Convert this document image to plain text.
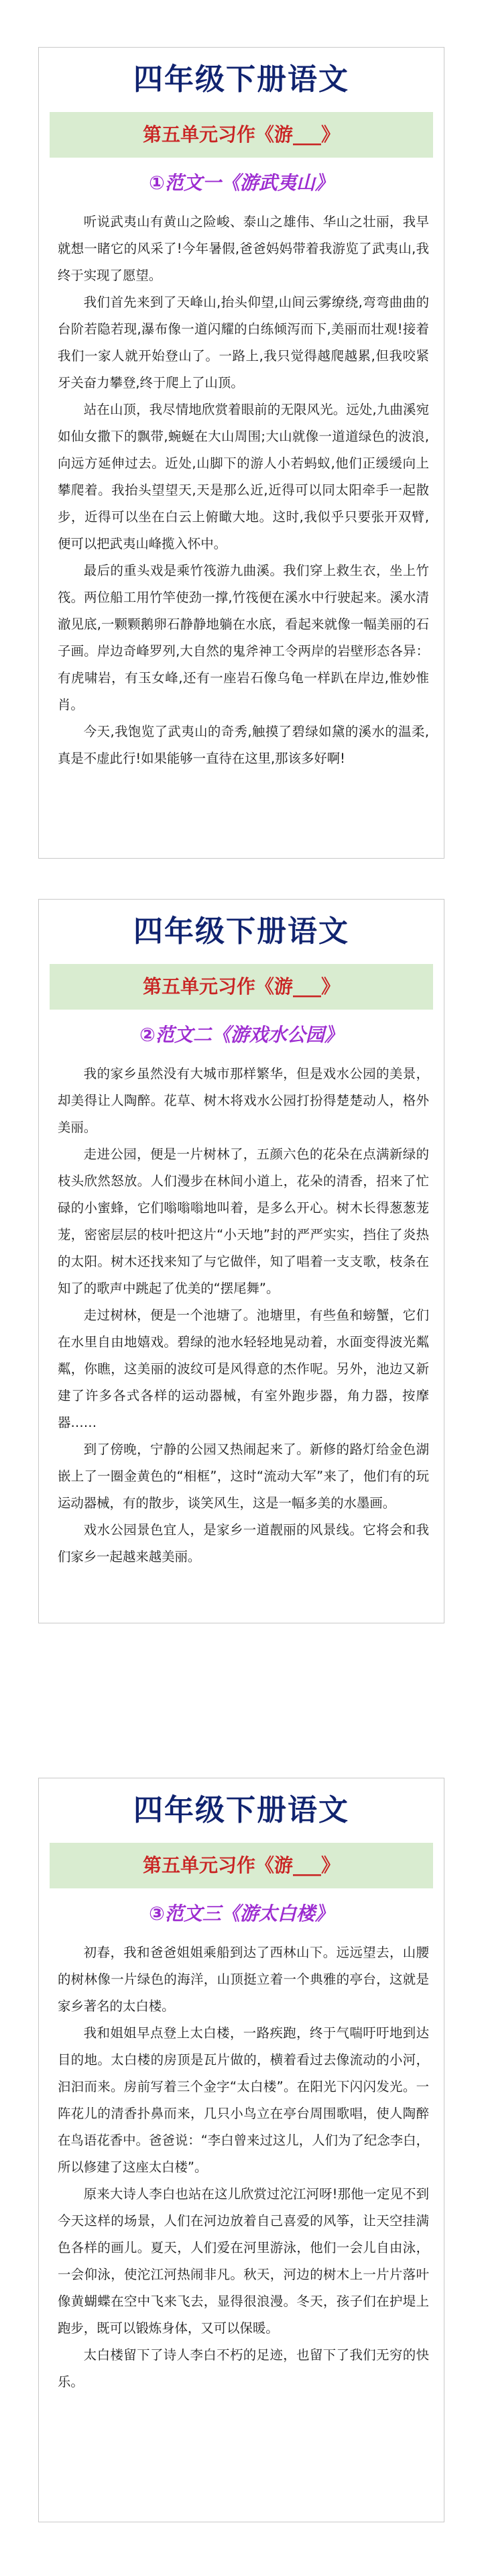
四年级下册语文
第五单元习作《游___》
①范文一《游武夷山》

听说武夷山有黄山之险峻、泰山之雄伟、华山之壮丽，我早就想一睹它的风采了!今年暑假,爸爸妈妈带着我游览了武夷山,我终于实现了愿望。

我们首先来到了天峰山,抬头仰望,山间云雾缭绕,弯弯曲曲的台阶若隐若现,瀑布像一道闪耀的白练倾泻而下,美丽而壮观!接着我们一家人就开始登山了。一路上,我只觉得越爬越累,但我咬紧牙关奋力攀登,终于爬上了山顶。

站在山顶，我尽情地欣赏着眼前的无限风光。远处,九曲溪宛如仙女撒下的飘带,蜿蜒在大山周围;大山就像一道道绿色的波浪,向远方延伸过去。近处,山脚下的游人小若蚂蚁,他们正缓缓向上攀爬着。我抬头望望天,天是那么近,近得可以同太阳牵手一起散步，近得可以坐在白云上俯瞰大地。这时,我似乎只要张开双臂,便可以把武夷山峰揽入怀中。

最后的重头戏是乘竹筏游九曲溪。我们穿上救生衣，坐上竹筏。两位船工用竹竿使劲一撑,竹筏便在溪水中行驶起来。溪水清澈见底,一颗颗鹅卵石静静地躺在水底，看起来就像一幅美丽的石子画。岸边奇峰罗列,大自然的鬼斧神工令两岸的岩壁形态各异：有虎啸岩，有玉女峰,还有一座岩石像乌龟一样趴在岸边,惟妙惟肖。

今天,我饱览了武夷山的奇秀,触摸了碧绿如黛的溪水的温柔,真是不虚此行!如果能够一直待在这里,那该多好啊!

四年级下册语文
第五单元习作《游___》
②范文二《游戏水公园》

我的家乡虽然没有大城市那样繁华，但是戏水公园的美景，却美得让人陶醉。花草、树木将戏水公园打扮得楚楚动人，格外美丽。

走进公园，便是一片树林了，五颜六色的花朵在点满新绿的枝头欣然怒放。人们漫步在林间小道上，花朵的清香，招来了忙碌的小蜜蜂，它们嗡嗡嗡地叫着，是多么开心。树木长得葱葱茏茏，密密层层的枝叶把这片“小天地”封的严严实实，挡住了炎热的太阳。树木还找来知了与它做伴，知了唱着一支支歌，枝条在知了的歌声中跳起了优美的“摆尾舞”。

走过树林，便是一个池塘了。池塘里，有些鱼和螃蟹，它们在水里自由地嬉戏。碧绿的池水轻轻地晃动着，水面变得波光粼粼，你瞧，这美丽的波纹可是风得意的杰作呢。另外，池边又新建了许多各式各样的运动器械，有室外跑步器，角力器，按摩器……

到了傍晚，宁静的公园又热闹起来了。新修的路灯给金色湖嵌上了一圈金黄色的“相框”，这时“流动大军”来了，他们有的玩运动器械，有的散步，谈笑风生，这是一幅多美的水墨画。

戏水公园景色宜人，是家乡一道靓丽的风景线。它将会和我们家乡一起越来越美丽。

四年级下册语文
第五单元习作《游___》
③范文三《游太白楼》

初春，我和爸爸姐姐乘船到达了西林山下。远远望去，山腰的树林像一片绿色的海洋，山顶挺立着一个典雅的亭台，这就是家乡著名的太白楼。

我和姐姐早点登上太白楼，一路疾跑，终于气喘吁吁地到达目的地。太白楼的房顶是瓦片做的，横着看过去像流动的小河，汩汩而来。房前写着三个金字“太白楼”。在阳光下闪闪发光。一阵花儿的清香扑鼻而来，几只小鸟立在亭台周围歌唱，使人陶醉在鸟语花香中。爸爸说：“李白曾来过这儿，人们为了纪念李白，所以修建了这座太白楼”。

原来大诗人李白也站在这儿欣赏过沱江河呀!那他一定见不到今天这样的场景，人们在河边放着自己喜爱的风筝，让天空挂满色各样的画儿。夏天，人们爱在河里游泳，他们一会儿自由泳，一会仰泳，使沱江河热闹非凡。秋天，河边的树木上一片片落叶像黄蝴蝶在空中飞来飞去，显得很浪漫。冬天，孩子们在护堤上跑步，既可以锻炼身体，又可以保暖。

太白楼留下了诗人李白不朽的足迹，也留下了我们无穷的快乐。
